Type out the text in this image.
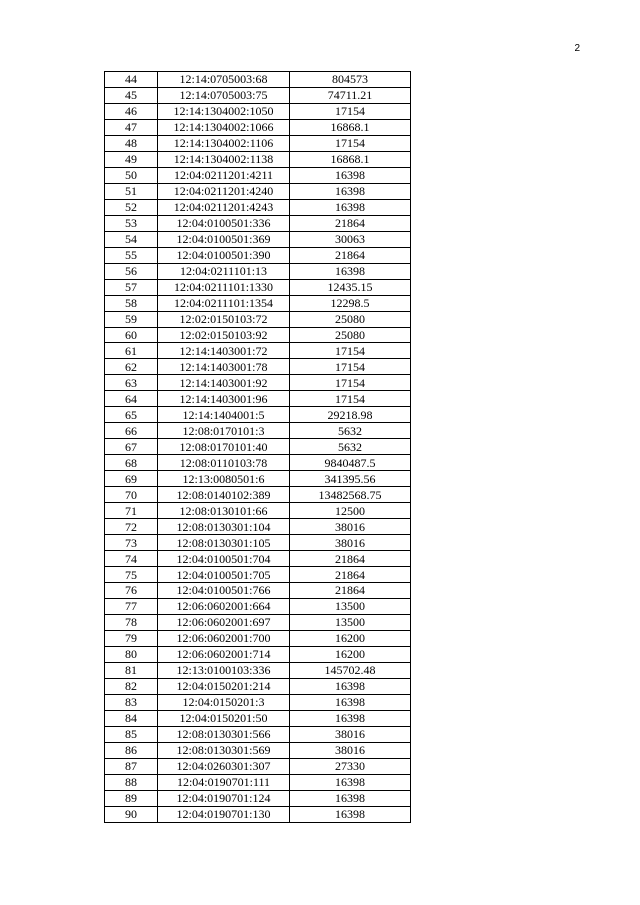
2
44	12:14:0705003:68	804573
45	12:14:0705003:75	74711.21
46	12:14:1304002:1050	17154
47	12:14:1304002:1066	16868.1
48	12:14:1304002:1106	17154
49	12:14:1304002:1138	16868.1
50	12:04:0211201:4211	16398
51	12:04:0211201:4240	16398
52	12:04:0211201:4243	16398
53	12:04:0100501:336	21864
54	12:04:0100501:369	30063
55	12:04:0100501:390	21864
56	12:04:0211101:13	16398
57	12:04:0211101:1330	12435.15
58	12:04:0211101:1354	12298.5
59	12:02:0150103:72	25080
60	12:02:0150103:92	25080
61	12:14:1403001:72	17154
62	12:14:1403001:78	17154
63	12:14:1403001:92	17154
64	12:14:1403001:96	17154
65	12:14:1404001:5	29218.98
66	12:08:0170101:3	5632
67	12:08:0170101:40	5632
68	12:08:0110103:78	9840487.5
69	12:13:0080501:6	341395.56
70	12:08:0140102:389	13482568.75
71	12:08:0130101:66	12500
72	12:08:0130301:104	38016
73	12:08:0130301:105	38016
74	12:04:0100501:704	21864
75	12:04:0100501:705	21864
76	12:04:0100501:766	21864
77	12:06:0602001:664	13500
78	12:06:0602001:697	13500
79	12:06:0602001:700	16200
80	12:06:0602001:714	16200
81	12:13:0100103:336	145702.48
82	12:04:0150201:214	16398
83	12:04:0150201:3	16398
84	12:04:0150201:50	16398
85	12:08:0130301:566	38016
86	12:08:0130301:569	38016
87	12:04:0260301:307	27330
88	12:04:0190701:111	16398
89	12:04:0190701:124	16398
90	12:04:0190701:130	16398
